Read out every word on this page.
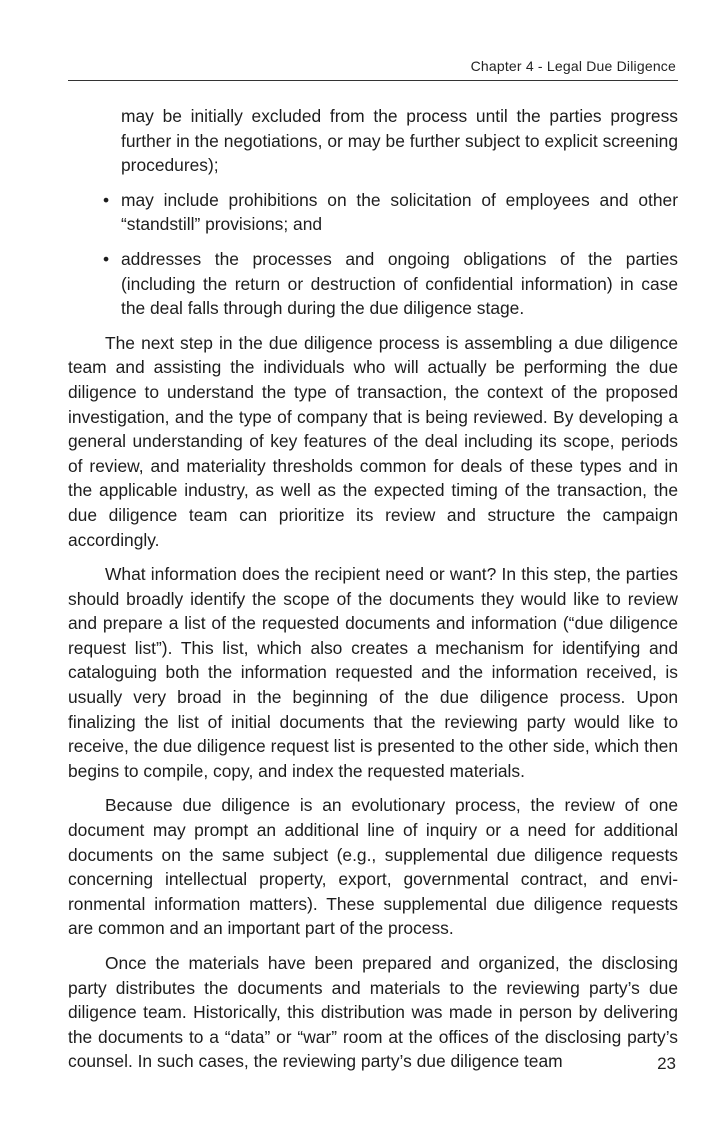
Chapter 4 - Legal Due Diligence
may be initially excluded from the process until the parties progress further in the negotiations, or may be further subject to explicit screening procedures);
• may include prohibitions on the solicitation of employees and other “standstill” provisions; and
• addresses the processes and ongoing obligations of the parties (including the return or destruction of confidential information) in case the deal falls through during the due diligence stage.

The next step in the due diligence process is assembling a due diligence team and assisting the individuals who will actually be performing the due diligence to understand the type of transaction, the context of the proposed investigation, and the type of company that is being reviewed. By developing a general understanding of key features of the deal including its scope, periods of review, and materiality thresholds common for deals of these types and in the applicable industry, as well as the expected timing of the transaction, the due diligence team can prioritize its review and structure the campaign accordingly.

What information does the recipient need or want? In this step, the parties should broadly identify the scope of the documents they would like to review and prepare a list of the requested documents and information (“due diligence request list”). This list, which also creates a mechanism for identifying and cataloguing both the information requested and the information received, is usually very broad in the beginning of the due diligence process. Upon finalizing the list of initial documents that the reviewing party would like to receive, the due diligence request list is presented to the other side, which then begins to compile, copy, and index the requested materials.

Because due diligence is an evolutionary process, the review of one document may prompt an additional line of inquiry or a need for additional documents on the same subject (e.g., supplemental due diligence requests concerning intellectual property, export, governmental contract, and environmental information matters). These supplemental due diligence requests are common and an important part of the process.

Once the materials have been prepared and organized, the disclosing party distributes the documents and materials to the reviewing party’s due diligence team. Historically, this distribution was made in person by delivering the documents to a “data” or “war” room at the offices of the disclosing party’s counsel. In such cases, the reviewing party’s due diligence team	23
